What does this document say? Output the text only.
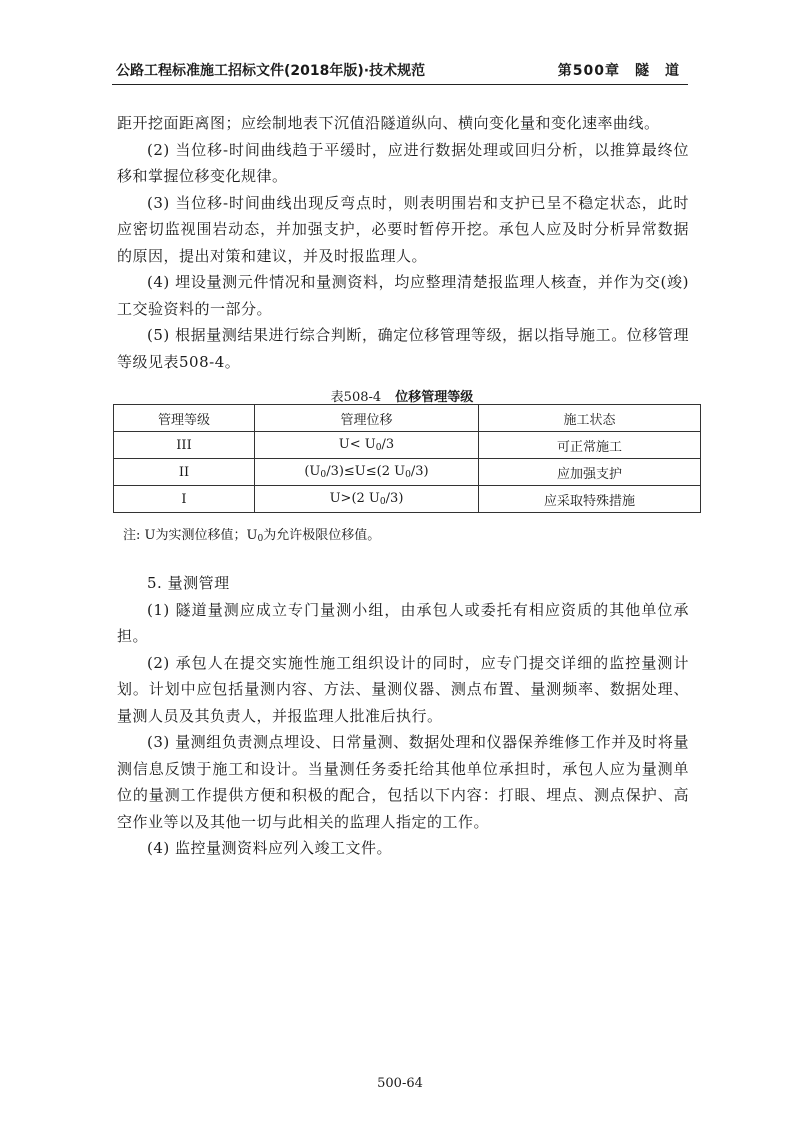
公路工程标准施工招标文件(2018年版)·技术规范	第500章　隧　道

距开挖面距离图；应绘制地表下沉值沿隧道纵向、横向变化量和变化速率曲线。

(2) 当位移-时间曲线趋于平缓时，应进行数据处理或回归分析，以推算最终位移和掌握位移变化规律。

(3) 当位移-时间曲线出现反弯点时，则表明围岩和支护已呈不稳定状态，此时应密切监视围岩动态，并加强支护，必要时暂停开挖。承包人应及时分析异常数据的原因，提出对策和建议，并及时报监理人。

(4) 埋设量测元件情况和量测资料，均应整理清楚报监理人核查，并作为交(竣)工交验资料的一部分。

(5) 根据量测结果进行综合判断，确定位移管理等级，据以指导施工。位移管理等级见表508-4。

表508-4 位移管理等级
管理等级	管理位移	施工状态
III	$U< U_0/3$	可正常施工
II	$(U_0/3)\le U\le(2$ $U_0/3$)	应加强支护
I	U>(2 $U_0/3$)	应采取特殊措施
注: U为实测位移值；$U_0$为允许极限位移值。

5. 量测管理

(1) 隧道量测应成立专门量测小组，由承包人或委托有相应资质的其他单位承担。

(2) 承包人在提交实施性施工组织设计的同时，应专门提交详细的监控量测计划。计划中应包括量测内容、方法、量测仪器、测点布置、量测频率、数据处理、量测人员及其负责人，并报监理人批准后执行。

(3) 量测组负责测点埋设、日常量测、数据处理和仪器保养维修工作并及时将量测信息反馈于施工和设计。当量测任务委托给其他单位承担时，承包人应为量测单位的量测工作提供方便和积极的配合，包括以下内容：打眼、埋点、测点保护、高空作业等以及其他一切与此相关的监理人指定的工作。

(4) 监控量测资料应列入竣工文件。

500-64
